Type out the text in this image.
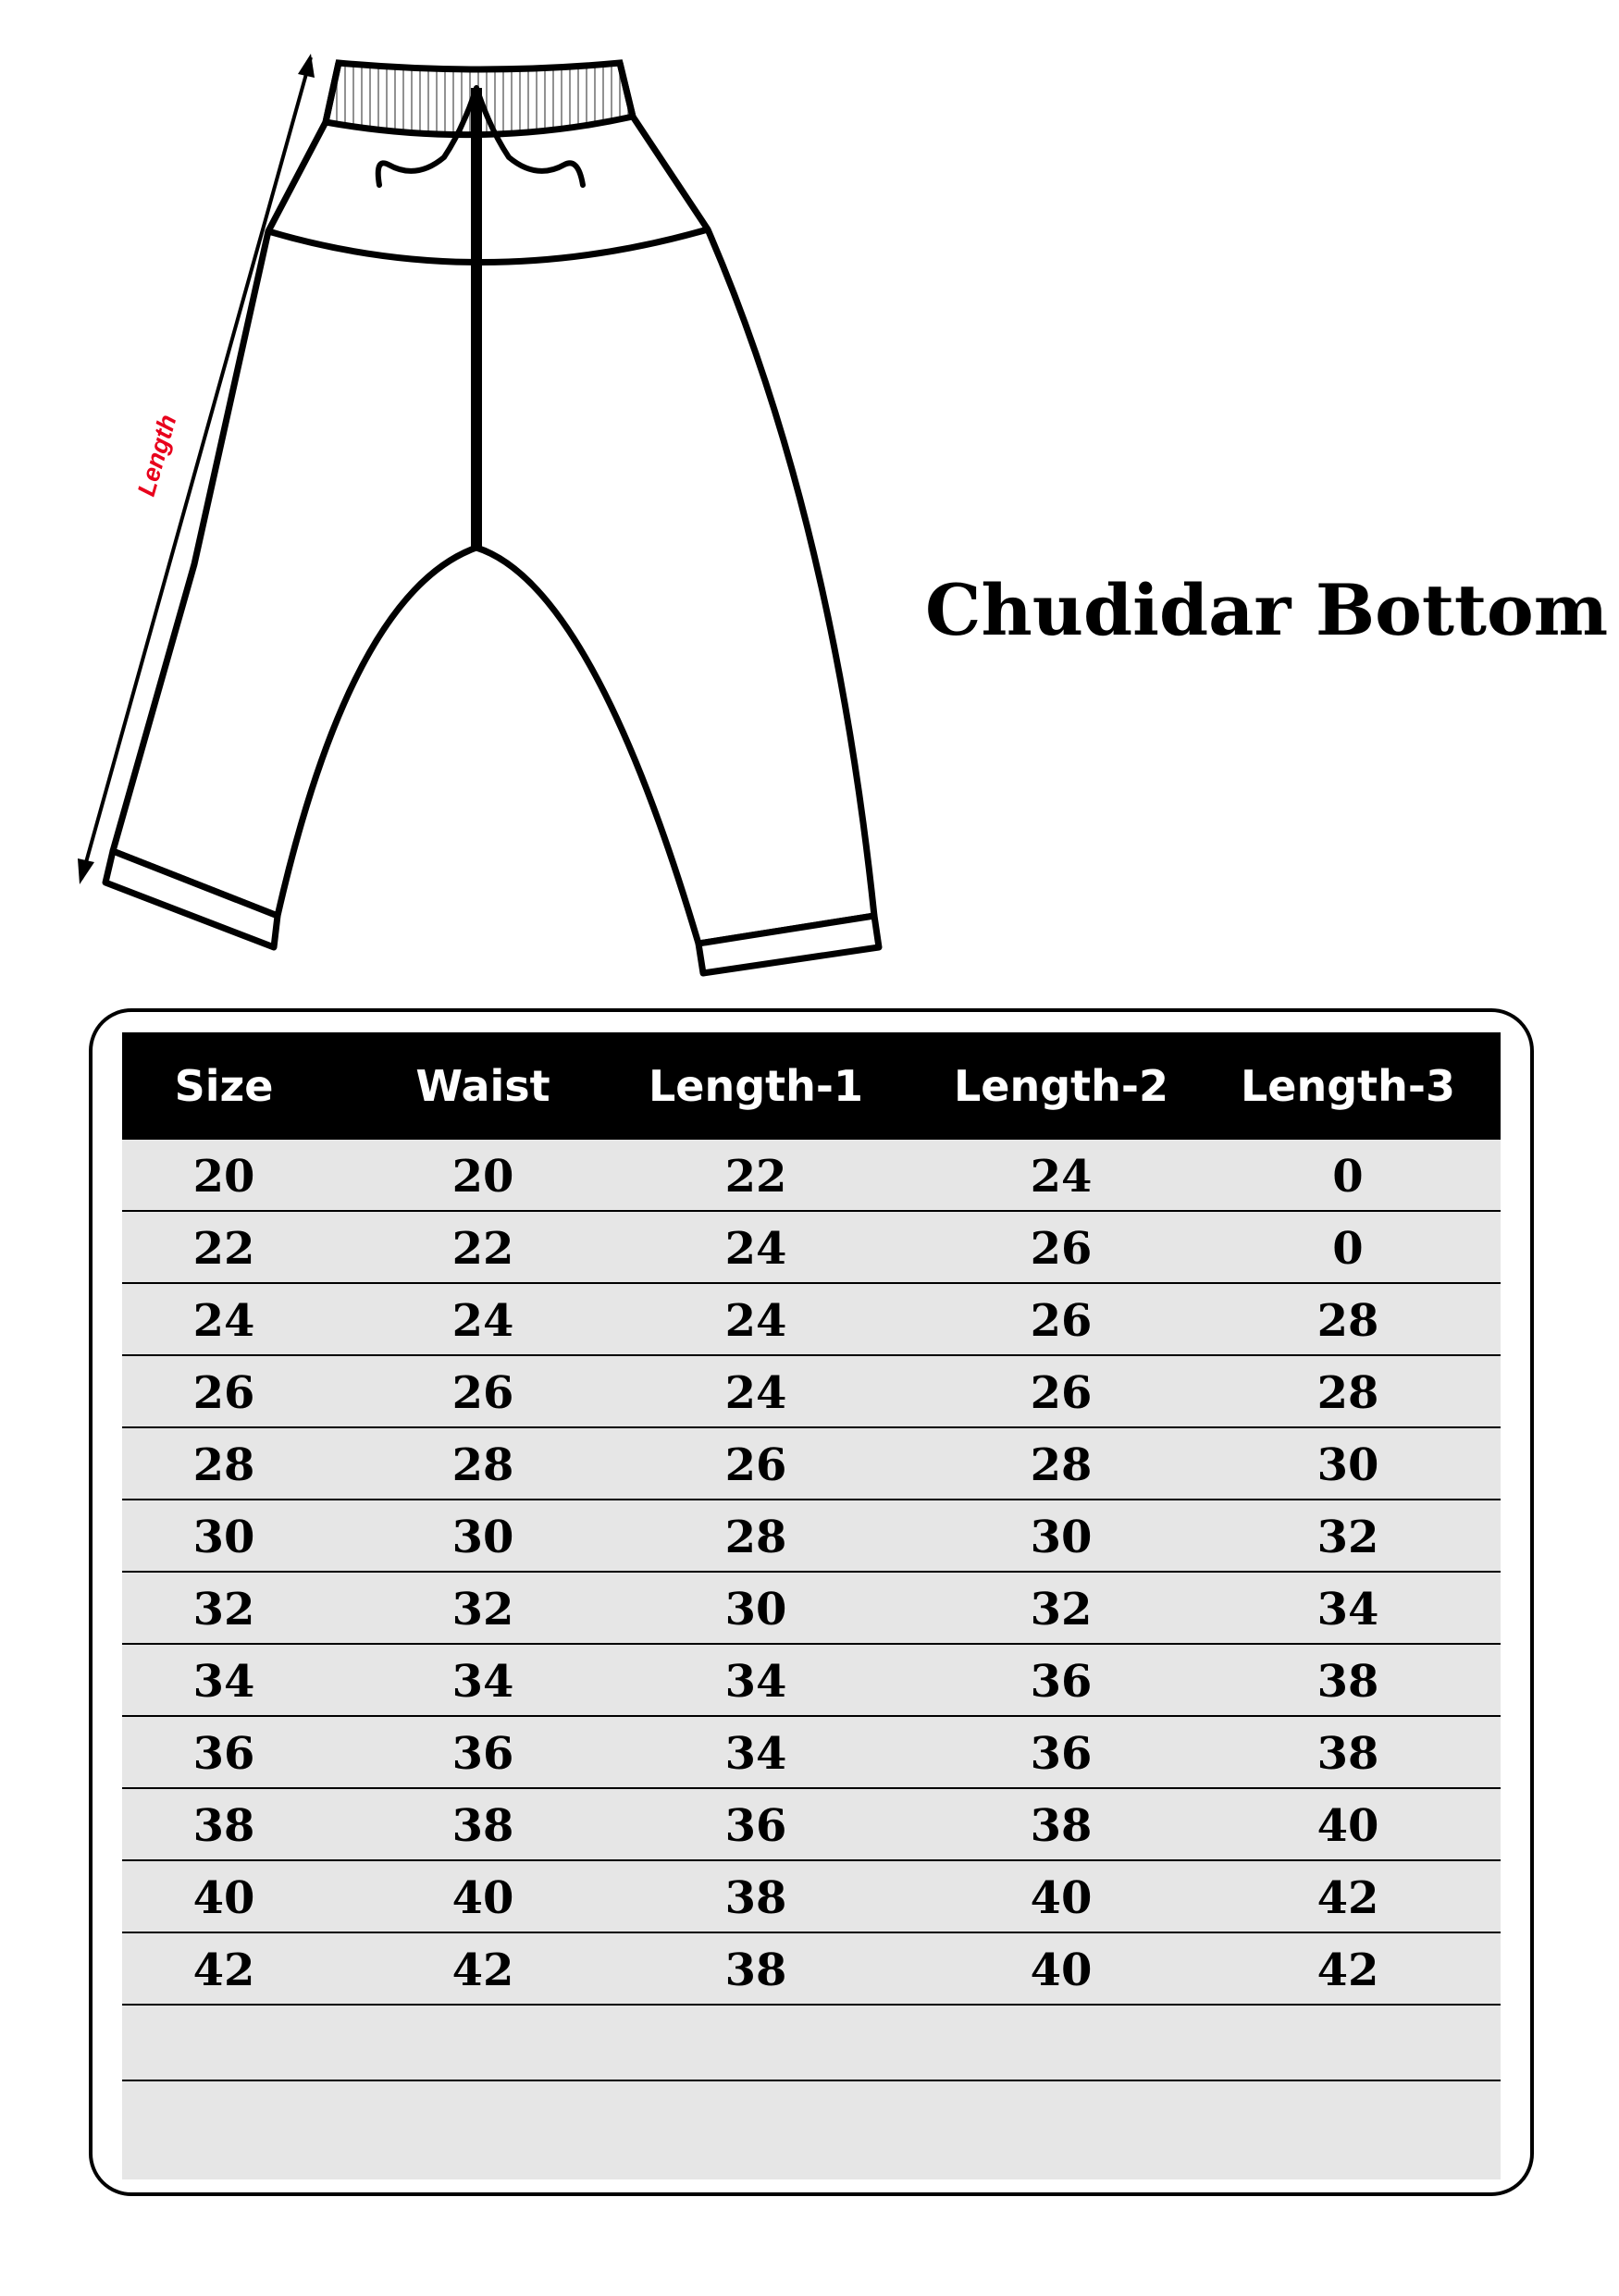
Length
Chudidar Bottom
Size	Waist	Length-1 Length-2 Length-3
20	20	22	24	0
22	22	24	26	0
24	24	24	26	28
26	26	24	26	28
28	28	26	28	30
30	30	28	30	32
32	32	30	32	34
34	34	34	36	38
36	36	34	36	38
38	38	36	38	40
40	40	38	40	42
42	42	38	40	42
